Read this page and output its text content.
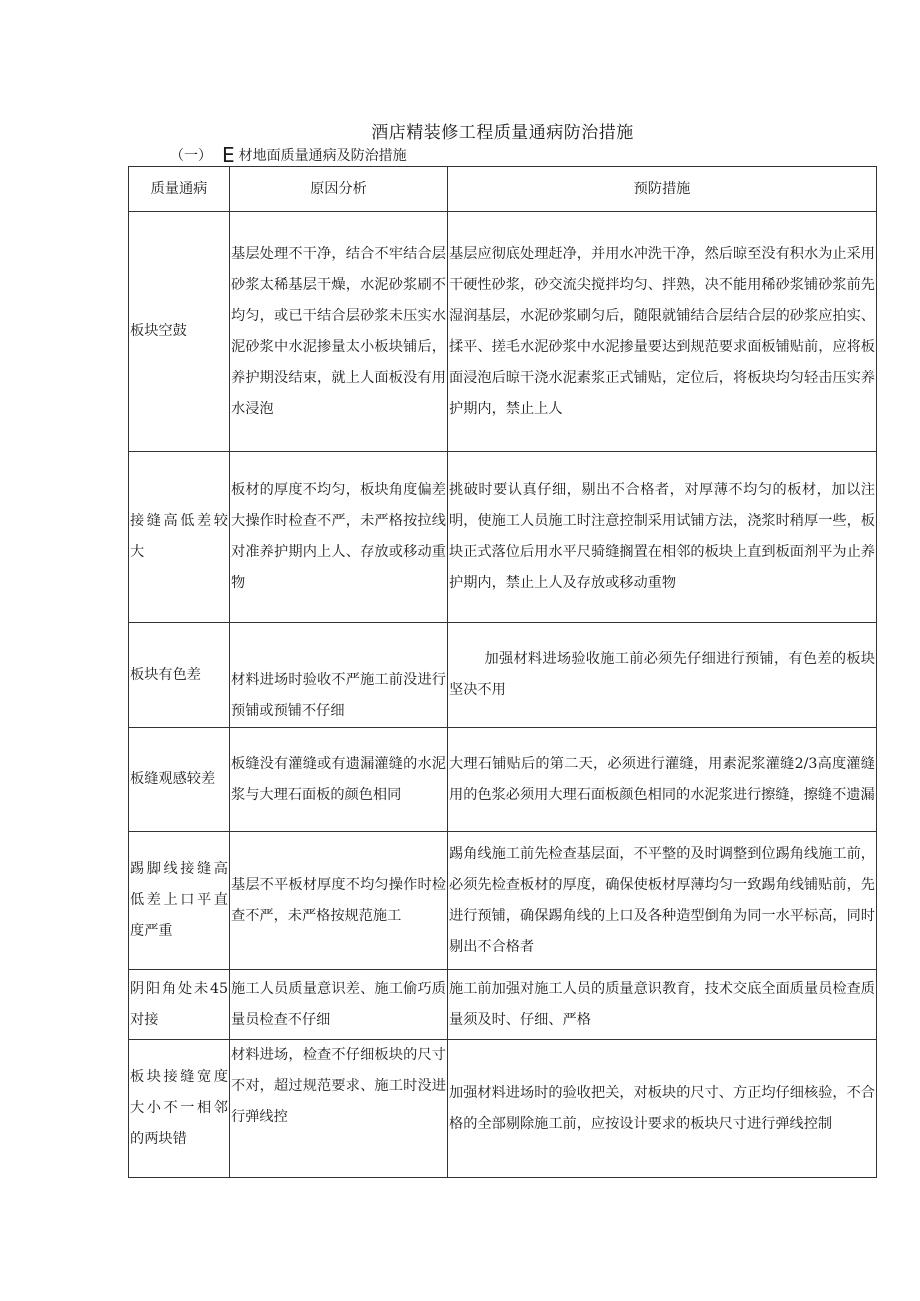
酒店精装修工程质量通病防治措施
（一） E 材地面质量通病及防治措施
质量通病	原因分析	预防措施
板块空鼓	基层处理不干净，结合不牢结合层砂浆太稀基层干燥，水泥砂浆刷不均匀，或已干结合层砂浆未压实水泥砂浆中水泥掺量太小板块铺后，养护期没结束，就上人面板没有用水浸泡	基层应彻底处理赶净，并用水冲洗干净，然后晾至没有积水为止采用干硬性砂浆，砂交流尖搅拌均匀、拌熟，决不能用稀砂浆铺砂浆前先湿润基层，水泥砂浆刷匀后，随限就铺结合层结合层的砂浆应拍实、揉平、搓毛水泥砂浆中水泥掺量要达到规范要求面板铺贴前，应将板面浸泡后晾干浇水泥素浆正式铺贴，定位后，将板块均匀轻击压实养护期内，禁止上人
接缝高低差较大	板材的厚度不均匀，板块角度偏差大操作时检查不严，未严格按拉线对准养护期内上人、存放或移动重物	挑破时要认真仔细，剔出不合格者，对厚薄不均匀的板材，加以注明，使施工人员施工时注意控制采用试铺方法，浇浆时稍厚一些，板块正式落位后用水平尺骑缝搁置在相邻的板块上直到板面剂平为止养护期内，禁止上人及存放或移动重物
板块有色差	材料进场时验收不严施工前没进行预铺或预铺不仔细	加强材料进场验收施工前必须先仔细进行预铺，有色差的板块坚决不用
板缝观感较差	板缝没有灌缝或有遗漏灌缝的水泥浆与大理石面板的颜色相同	大理石铺贴后的第二天，必须进行灌缝，用素泥浆灌缝2/3高度灌缝用的色浆必须用大理石面板颜色相同的水泥浆进行擦缝，擦缝不遗漏
踢脚线接缝高低差上口平直度严重	基层不平板材厚度不均匀操作时检查不严，未严格按规范施工	踢角线施工前先检查基层面，不平整的及时调整到位踢角线施工前，必须先检查板材的厚度，确保使板材厚薄均匀一致踢角线铺贴前，先进行预铺，确保踢角线的上口及各种造型倒角为同一水平标高，同时剔出不合格者
阴阳角处未45对接	施工人员质量意识差、施工偷巧质量员检查不仔细	施工前加强对施工人员的质量意识教育，技术交底全面质量员检查质量须及时、仔细、严格
板块接缝宽度大小不一相邻的两块错	材料进场，检查不仔细板块的尺寸不对，超过规范要求、施工时没进行弹线控	加强材料进场时的验收把关，对板块的尺寸、方正均仔细核验，不合格的全部剔除施工前，应按设计要求的板块尺寸进行弹线控制
